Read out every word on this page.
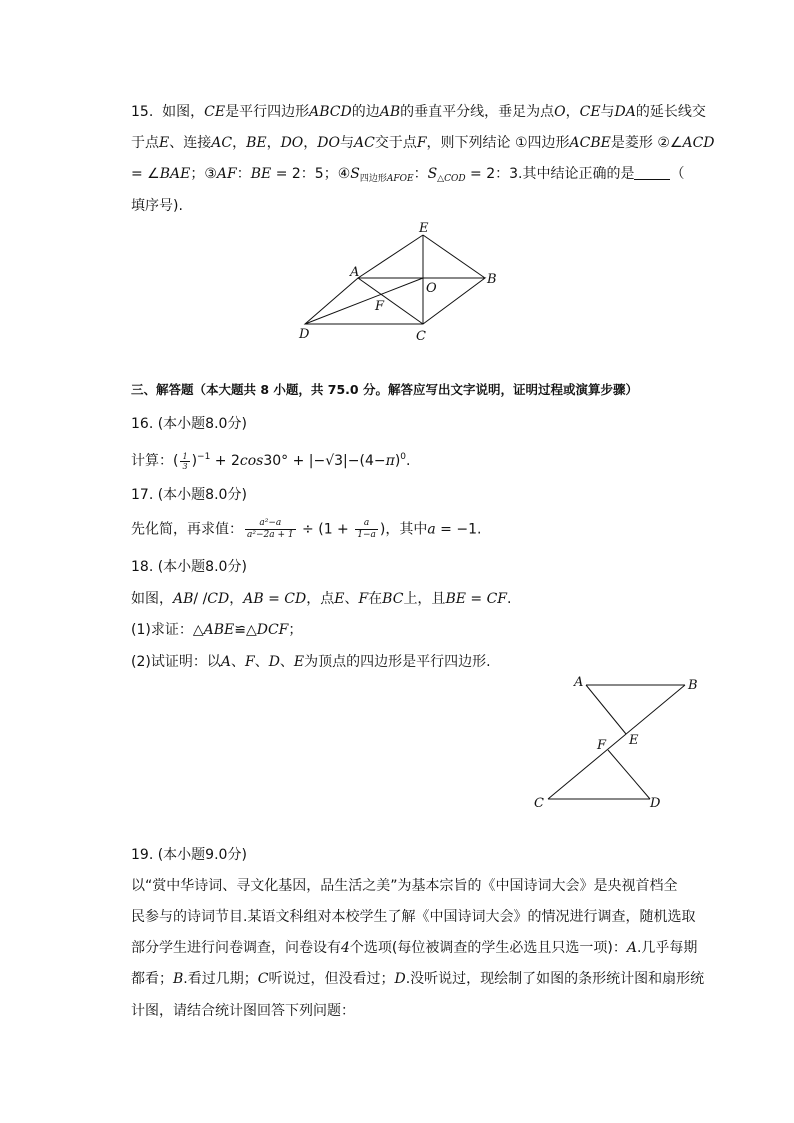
15. 如图，CE是平行四边形ABCD的边AB的垂直平分线，垂足为点O，CE与DA的延长线交
于点E、连接AC，BE，DO，DO与AC交于点F，则下列结论 ①四边形ACBE是菱形 ②∠ACD
= ∠BAE；③AF：BE = 2：5；$④S_{四边形AFOE}$：$S_{\triangle COD} = 2$：3.其中结论正确的是	（
填序号).
E
A	B
O
F
D	C
三、解答题（本大题共 8 小题，共 75.0 分。解答应写出文字说明，证明过程或演算步骤）
16. (本小题8.0分)
计算：( $\frac{1}{3} )^{-1} + 2\cos 30^\circ + |-√3|-(4-\pi)^0$.
17. (本小题8.0分)
先化简，再求值： $\frac{\text{a²−a}}{\text{a²−2a + 1}} \div (1 + \frac{a}{1-a}$ )，其中a = −1.
18. (本小题8.0分)
如图，AB/ /CD，AB = CD，点E、F在BC上，且BE = CF.
(1)求证：△ABE≌△DCF；
(2)试证明：以A、F、D、E为顶点的四边形是平行四边形.
A	B
E
F
C	D
19. (本小题9.0分)
以“赏中华诗词、寻文化基因，品生活之美”为基本宗旨的《中国诗词大会》是央视首档全
民参与的诗词节目.某语文科组对本校学生了解《中国诗词大会》的情况进行调查，随机选取
部分学生进行问卷调查，问卷设有4个选项(每位被调查的学生必选且只选一项)：A.几乎每期
都看；B.看过几期；C听说过，但没看过；D.没听说过，现绘制了如图的条形统计图和扇形统
计图，请结合统计图回答下列问题：
